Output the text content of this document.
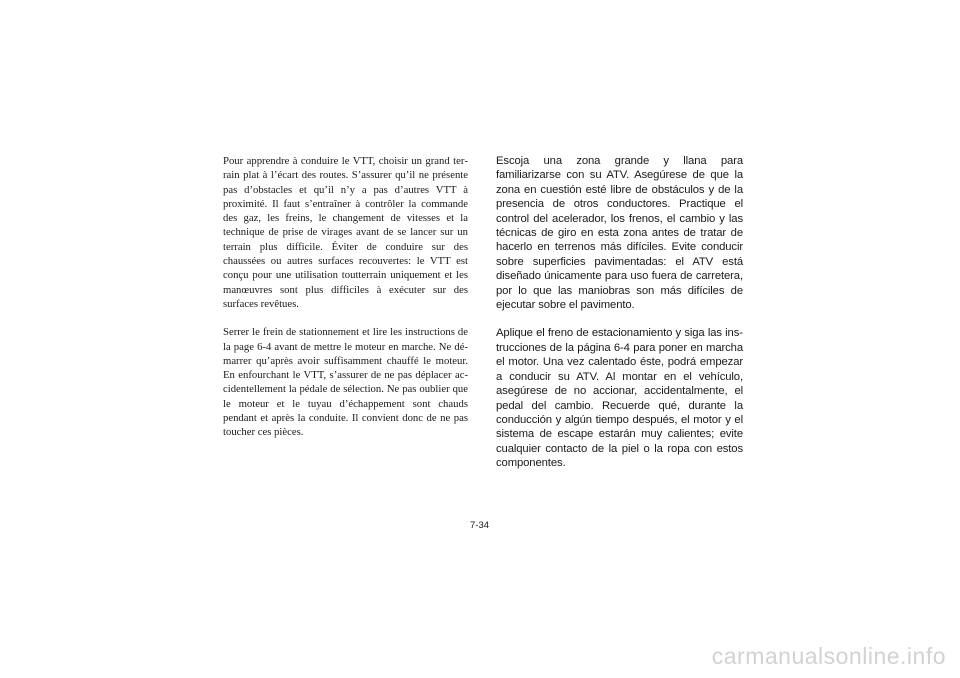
Pour apprendre à conduire le VTT, choisir un grand terrain plat à l’écart des routes. S’assurer qu’il ne présente pas d’obstacles et qu’il n’y a pas d’autres VTT à proximité. Il faut s’entraîner à contrôler la commande des gaz, les freins, le changement de vitesses et la technique de prise de virages avant de se lancer sur un terrain plus difficile. Éviter de conduire sur des chaussées ou autres surfaces recouvertes: le VTT est conçu pour une utilisation toutterrain uniquement et les manœuvres sont plus difficiles à exécuter sur des surfaces revêtues.

Serrer le frein de stationnement et lire les instructions de la page 6-4 avant de mettre le moteur en marche. Ne démarrer qu’après avoir suffisamment chauffé le moteur. En enfourchant le VTT, s’assurer de ne pas déplacer accidentellement la pédale de sélection. Ne pas oublier que le moteur et le tuyau d’échappement sont chauds pendant et après la conduite. Il convient donc de ne pas toucher ces pièces.

Escoja una zona grande y llana para familiarizarse con su ATV. Asegúrese de que la zona en cuestión esté libre de obstáculos y de la presencia de otros conductores. Practique el control del acelerador, los frenos, el cambio y las técnicas de giro en esta zona antes de tratar de hacerlo en terrenos más difíciles. Evite conducir sobre superficies pavimentadas: el ATV está diseñado únicamente para uso fuera de carretera, por lo que las maniobras son más difíciles de ejecutar sobre el pavimento.

Aplique el freno de estacionamiento y siga las instrucciones de la página 6-4 para poner en marcha el motor. Una vez calentado éste, podrá empezar a conducir su ATV. Al montar en el vehículo, asegúrese de no accionar, accidentalmente, el pedal del cambio. Recuerde qué, durante la conducción y algún tiempo después, el motor y el sistema de escape estarán muy calientes; evite cualquier contacto de la piel o la ropa con estos componentes.

7-34
carmanualsonline.info
